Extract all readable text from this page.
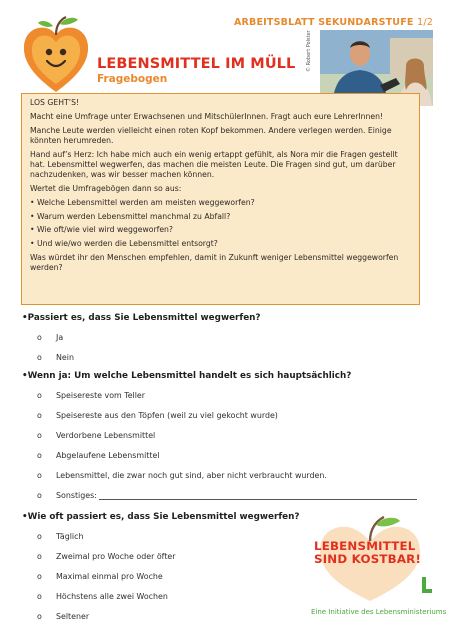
ARBEITSBLATT SEKUNDARSTUFE 1/2
LEBENSMITTEL IM MÜLL
Fragebogen
© Robert Polster

LOS GEHT’S!

Macht eine Umfrage unter Erwachsenen und MitschülerInnen. Fragt auch eure LehrerInnen!

Manche Leute werden vielleicht einen roten Kopf bekommen. Andere verlegen werden. Einige könnten herumreden.

Hand auf’s Herz: Ich habe mich auch ein wenig ertappt gefühlt, als Nora mir die Fragen gestellt hat. Lebensmittel wegwerfen, das machen die meisten Leute. Die Fragen sind gut, um darüber nachzudenken, was wir besser machen können.

Wertet die Umfragebögen dann so aus:

• Welche Lebensmittel werden am meisten weggeworfen?
• Warum werden Lebensmittel manchmal zu Abfall?
• Wie oft/wie viel wird weggeworfen?
• Und wie/wo werden die Lebensmittel entsorgt?

Was würdet ihr den Menschen empfehlen, damit in Zukunft weniger Lebensmittel weggeworfen werden?

•Passiert es, dass Sie Lebensmittel wegwerfen?
o Ja
o Nein
•Wenn ja: Um welche Lebensmittel handelt es sich hauptsächlich?
o Speisereste vom Teller
o Speisereste aus den Töpfen (weil zu viel gekocht wurde)
o Verdorbene Lebensmittel
o Abgelaufene Lebensmittel
o Lebensmittel, die zwar noch gut sind, aber nicht verbraucht wurden.
o Sonstiges:
•Wie oft passiert es, dass Sie Lebensmittel wegwerfen?
o Täglich
o Zweimal pro Woche oder öfter
o Maximal einmal pro Woche
o Höchstens alle zwei Wochen
o Seltener
LEBENSMITTEL
SIND KOSTBAR!
Eine Initiative des Lebensministeriums
